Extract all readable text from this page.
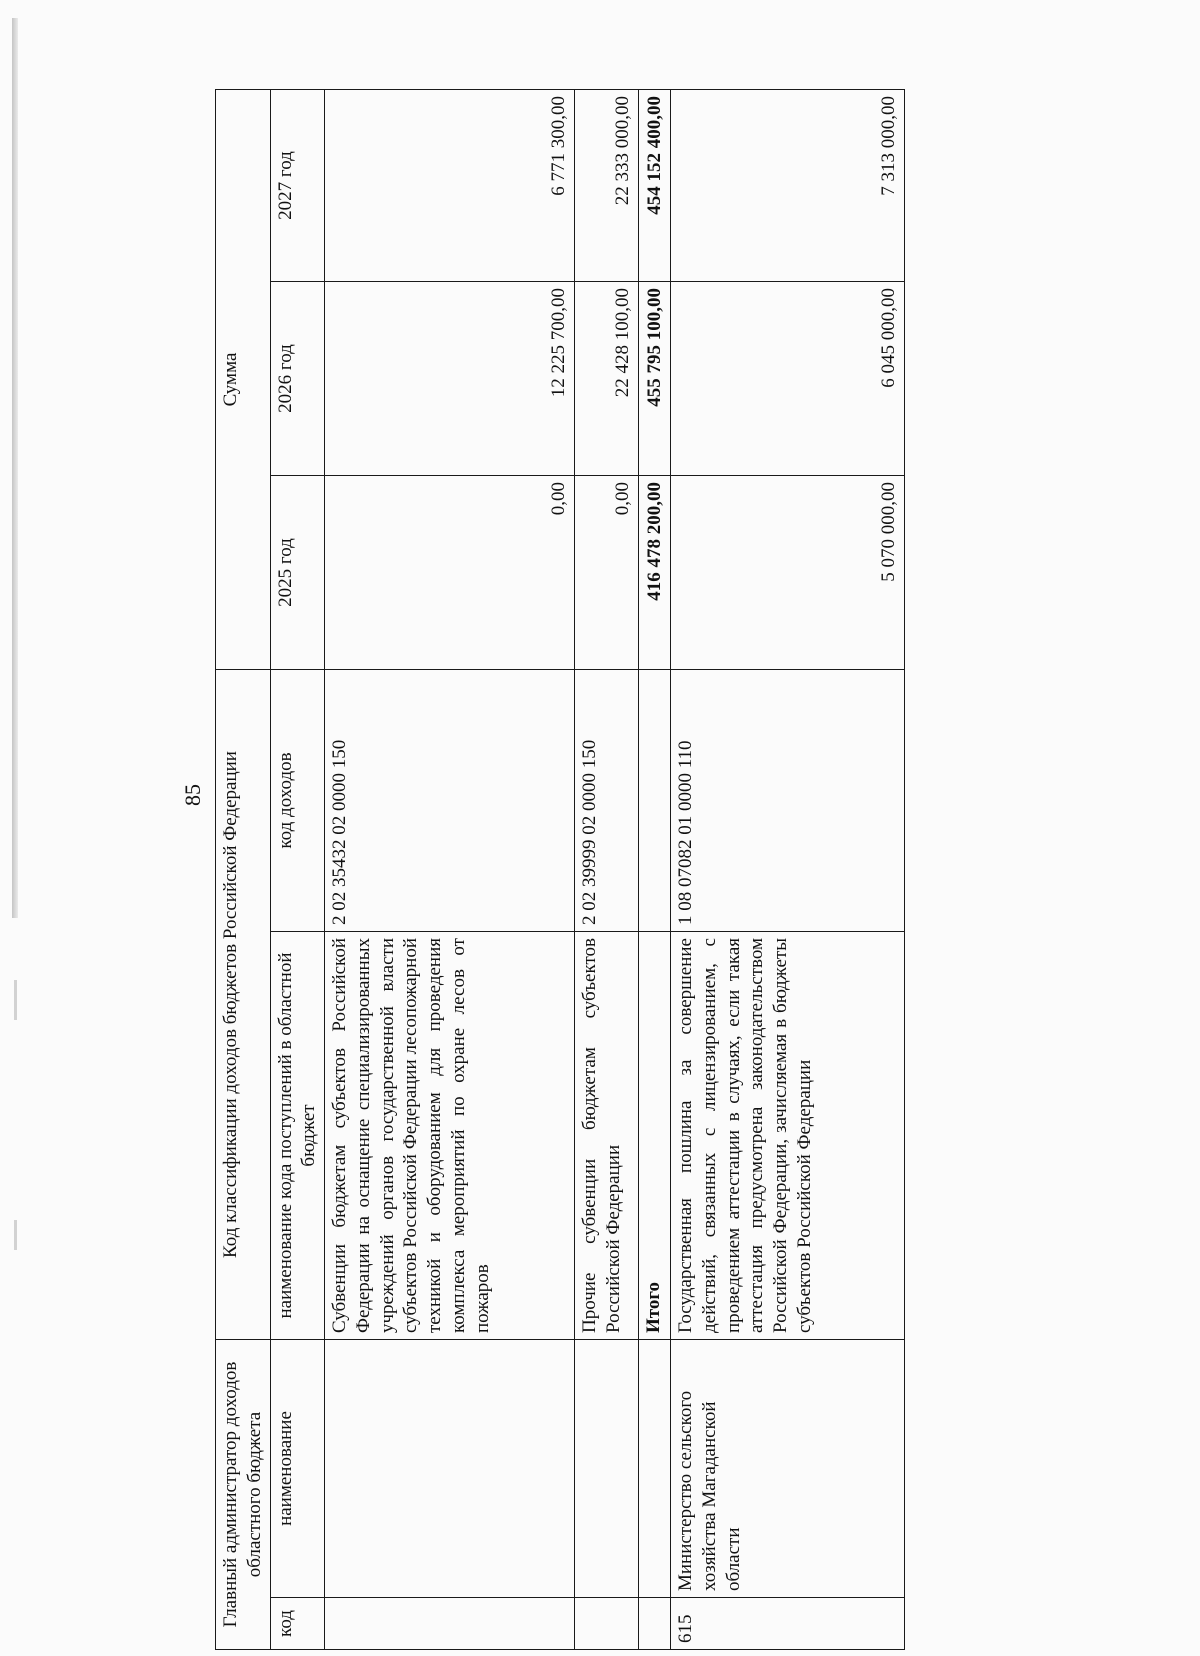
85
Главный администратор доходов областного бюджета		Код классификации доходов бюджетов Российской Федерации		Сумма		
код	наименование	наименование кода поступлений в областной бюджет	код доходов	2025 год	2026 год	2027 год
		Субвенции бюджетам субъектов Российской Федерации на оснащение специализированных учреждений органов государственной власти субъектов Российской Федерации лесопожарной техникой и оборудованием для проведения комплекса мероприятий по охране лесов от пожаров	2 02 35432 02 0000 150	0,00	12 225 700,00	6 771 300,00
		Прочие субвенции бюджетам субъектов Российской Федерации	2 02 39999 02 0000 150	0,00	22 428 100,00	22 333 000,00
		Итого		416 478 200,00	455 795 100,00	454 152 400,00
615	Министерство сельского хозяйства Магаданской области	Государственная пошлина за совершение действий, связанных с лицензированием, с проведением аттестации в случаях, если такая аттестация предусмотрена законодательством Российской Федерации, зачисляемая в бюджеты субъектов Российской Федерации	1 08 07082 01 0000 110	5 070 000,00	6 045 000,00	7 313 000,00
